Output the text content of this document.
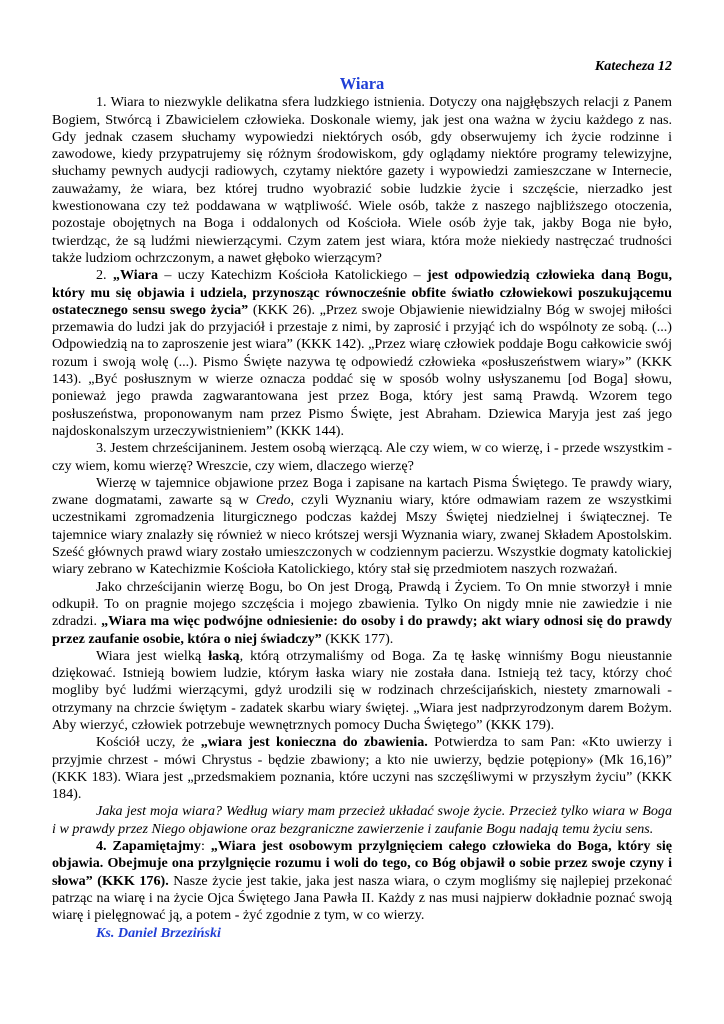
Katecheza 12
Wiara

1. Wiara to niezwykle delikatna sfera ludzkiego istnienia. Dotyczy ona najgłębszych relacji z Panem Bogiem, Stwórcą i Zbawicielem człowieka. Doskonale wiemy, jak jest ona ważna w życiu każdego z nas. Gdy jednak czasem słuchamy wypowiedzi niektórych osób, gdy obserwujemy ich życie rodzinne i zawodowe, kiedy przypatrujemy się różnym środowiskom, gdy oglądamy niektóre programy telewizyjne, słuchamy pewnych audycji radiowych, czytamy niektóre gazety i wypowiedzi zamieszczane w Internecie, zauważamy, że wiara, bez której trudno wyobrazić sobie ludzkie życie i szczęście, nierzadko jest kwestionowana czy też poddawana w wątpliwość. Wiele osób, także z naszego najbliższego otoczenia, pozostaje obojętnych na Boga i oddalonych od Kościoła. Wiele osób żyje tak, jakby Boga nie było, twierdząc, że są ludźmi niewierzącymi. Czym zatem jest wiara, która może niekiedy nastręczać trudności także ludziom ochrzczonym, a nawet głęboko wierzącym?

2. „Wiara – uczy Katechizm Kościoła Katolickiego – jest odpowiedzią człowieka daną Bogu, który mu się objawia i udziela, przynosząc równocześnie obfite światło człowiekowi poszukującemu ostatecznego sensu swego życia” (KKK 26). „Przez swoje Objawienie niewidzialny Bóg w swojej miłości przemawia do ludzi jak do przyjaciół i przestaje z nimi, by zaprosić i przyjąć ich do wspólnoty ze sobą. (...) Odpowiedzią na to zaproszenie jest wiara” (KKK 142). „Przez wiarę człowiek poddaje Bogu całkowicie swój rozum i swoją wolę (...). Pismo Święte nazywa tę odpowiedź człowieka «posłuszeństwem wiary»” (KKK 143). „Być posłusznym w wierze oznacza poddać się w sposób wolny usłyszanemu [od Boga] słowu, ponieważ jego prawda zagwarantowana jest przez Boga, który jest samą Prawdą. Wzorem tego posłuszeństwa, proponowanym nam przez Pismo Święte, jest Abraham. Dziewica Maryja jest zaś jego najdoskonalszym urzeczywistnieniem” (KKK 144).

3. Jestem chrześcijaninem. Jestem osobą wierzącą. Ale czy wiem, w co wierzę, i - przede wszystkim - czy wiem, komu wierzę? Wreszcie, czy wiem, dlaczego wierzę?

Wierzę w tajemnice objawione przez Boga i zapisane na kartach Pisma Świętego. Te prawdy wiary, zwane dogmatami, zawarte są w Credo, czyli Wyznaniu wiary, które odmawiam razem ze wszystkimi uczestnikami zgromadzenia liturgicznego podczas każdej Mszy Świętej niedzielnej i świątecznej. Te tajemnice wiary znalazły się również w nieco krótszej wersji Wyznania wiary, zwanej Składem Apostolskim. Sześć głównych prawd wiary zostało umieszczonych w codziennym pacierzu. Wszystkie dogmaty katolickiej wiary zebrano w Katechizmie Kościoła Katolickiego, który stał się przedmiotem naszych rozważań.

Jako chrześcijanin wierzę Bogu, bo On jest Drogą, Prawdą i Życiem. To On mnie stworzył i mnie odkupił. To on pragnie mojego szczęścia i mojego zbawienia. Tylko On nigdy mnie nie zawiedzie i nie zdradzi. „Wiara ma więc podwójne odniesienie: do osoby i do prawdy; akt wiary odnosi się do prawdy przez zaufanie osobie, która o niej świadczy” (KKK 177).

Wiara jest wielką łaską, którą otrzymaliśmy od Boga. Za tę łaskę winniśmy Bogu nieustannie dziękować. Istnieją bowiem ludzie, którym łaska wiary nie została dana. Istnieją też tacy, którzy choć mogliby być ludźmi wierzącymi, gdyż urodzili się w rodzinach chrześcijańskich, niestety zmarnowali - otrzymany na chrzcie świętym - zadatek skarbu wiary świętej. „Wiara jest nadprzyrodzonym darem Bożym. Aby wierzyć, człowiek potrzebuje wewnętrznych pomocy Ducha Świętego” (KKK 179).

Kościół uczy, że „wiara jest konieczna do zbawienia. Potwierdza to sam Pan: «Kto uwierzy i przyjmie chrzest - mówi Chrystus - będzie zbawiony; a kto nie uwierzy, będzie potępiony» (Mk 16,16)” (KKK 183). Wiara jest „przedsmakiem poznania, które uczyni nas szczęśliwymi w przyszłym życiu” (KKK 184).

Jaka jest moja wiara? Według wiary mam przecież układać swoje życie. Przecież tylko wiara w Boga i w prawdy przez Niego objawione oraz bezgraniczne zawierzenie i zaufanie Bogu nadają temu życiu sens.

4. Zapamiętajmy: „Wiara jest osobowym przylgnięciem całego człowieka do Boga, który się objawia. Obejmuje ona przylgnięcie rozumu i woli do tego, co Bóg objawił o sobie przez swoje czyny i słowa” (KKK 176). Nasze życie jest takie, jaka jest nasza wiara, o czym mogliśmy się najlepiej przekonać patrząc na wiarę i na życie Ojca Świętego Jana Pawła II. Każdy z nas musi najpierw dokładnie poznać swoją wiarę i pielęgnować ją, a potem - żyć zgodnie z tym, w co wierzy.

Ks. Daniel Brzeziński
